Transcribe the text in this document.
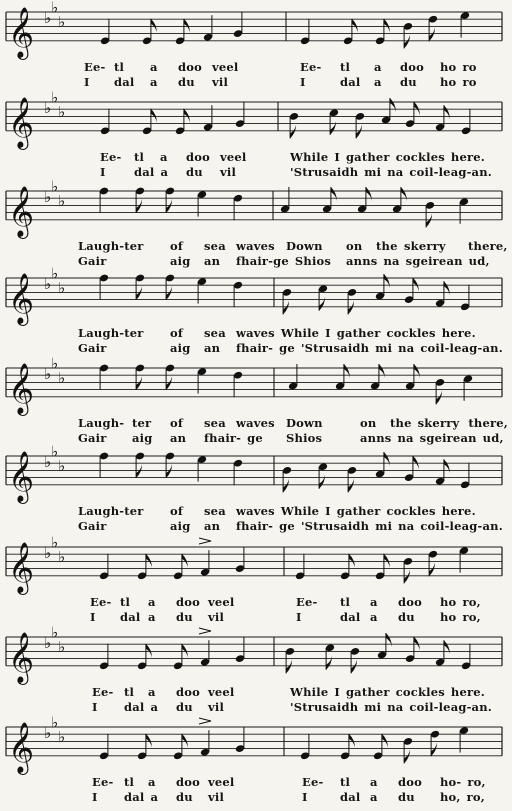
𝄞 ♭
♭
♭
Ee- tl a doo veel	Ee- tl a doo ho ro
I dal a du vil	I	dal a du ho ro
𝄞 ♭
♭
♭
Ee- tl a doo veel	While I gather cockles here.
I dal a du vil	'Strusaidh mi na coil-leag-an.
𝄞 ♭
♭
♭
Laugh-ter of sea waves Down on the skerry there,
Gair	aig an fhair-ge Shios anns na sgeirean ud,
𝄞 ♭
♭
♭
Laugh-ter of sea waves While I gather cockles here.
Gair	aig an fhair- ge 'Strusaidh mi na coil-leag-an.
𝄞 ♭
♭
♭
Laugh- ter of sea waves Down	on the skerry there,
Gair aig an fhair- ge Shios	anns na sgeirean ud,
𝄞 ♭
♭
♭
Laugh-ter of sea waves While I gather cockles here.
Gair	aig an fhair- ge 'Strusaidh mi na coil-leag-an.
𝄞 ♭
♭
♭
Ee- tl a doo veel	Ee- tl a doo ho ro,
I dal a du vil	I	dal a du ho ro,
𝄞 ♭
♭
♭
Ee- tl a doo veel	While I gather cockles here.
I dal a du vil	'Strusaidh mi na coil-leag-an.
𝄞 ♭
♭
♭
Ee- tl a doo veel	Ee- tl a doo ho- ro,
I dal a du vil	I	dal a du ho, ro,
